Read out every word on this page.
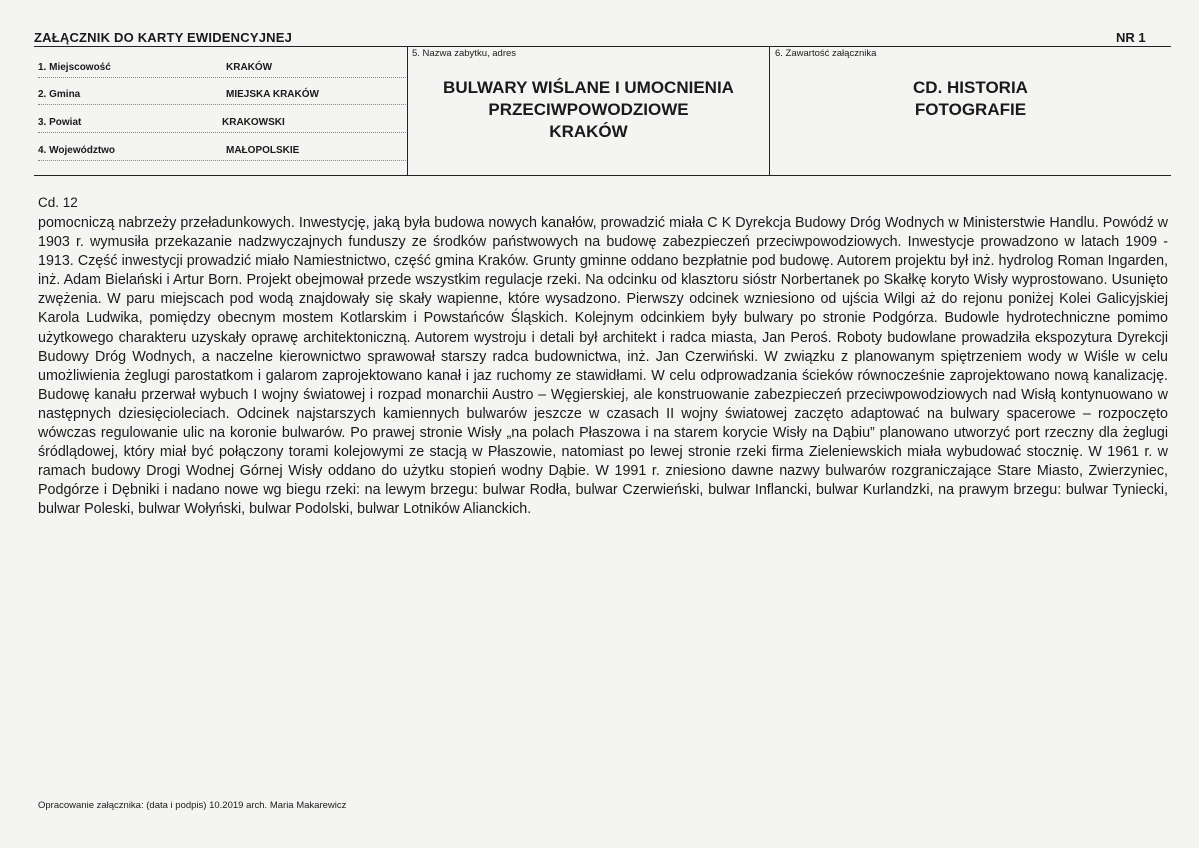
ZAŁĄCZNIK DO KARTY EWIDENCYJNEJ	NR 1
1. Miejscowość	KRAKÓW
2. Gmina	MIEJSKA KRAKÓW
3. Powiat	KRAKOWSKI
4. Województwo	MAŁOPOLSKIE
5. Nazwa zabytku, adres
BULWARY WIŚLANE I UMOCNIENIA
PRZECIWPOWODZIOWE
KRAKÓW
6. Zawartość załącznika
CD. HISTORIA
FOTOGRAFIE
Cd. 12
pomocniczą nabrzeży przeładunkowych. Inwestycję, jaką była budowa nowych kanałów, prowadzić miała C K Dyrekcja Budowy Dróg Wodnych w Ministerstwie Handlu. Powódź w 1903 r. wymusiła przekazanie nadzwyczajnych funduszy ze środków państwowych na budowę zabezpieczeń przeciwpowodziowych. Inwestycje prowadzono w latach 1909 - 1913. Część inwestycji prowadzić miało Namiestnictwo, część gmina Kraków. Grunty gminne oddano bezpłatnie pod budowę. Autorem projektu był inż. hydrolog Roman Ingarden, inż. Adam Bielański i Artur Born. Projekt obejmował przede wszystkim regulacje rzeki. Na odcinku od klasztoru sióstr Norbertanek po Skałkę koryto Wisły wyprostowano. Usunięto zwężenia. W paru miejscach pod wodą znajdowały się skały wapienne, które wysadzono. Pierwszy odcinek wzniesiono od ujścia Wilgi aż do rejonu poniżej Kolei Galicyjskiej Karola Ludwika, pomiędzy obecnym mostem Kotlarskim i Powstańców Śląskich. Kolejnym odcinkiem były bulwary po stronie Podgórza. Budowle hydrotechniczne pomimo użytkowego charakteru uzyskały oprawę architektoniczną. Autorem wystroju i detali był architekt i radca miasta, Jan Peroś. Roboty budowlane prowadziła ekspozytura Dyrekcji Budowy Dróg Wodnych, a naczelne kierownictwo sprawował starszy radca budownictwa, inż. Jan Czerwiński. W związku z planowanym spiętrzeniem wody w Wiśle w celu umożliwienia żeglugi parostatkom i galarom zaprojektowano kanał i jaz ruchomy ze stawidłami. W celu odprowadzania ścieków równocześnie zaprojektowano nową kanalizację. Budowę kanału przerwał wybuch I wojny światowej i rozpad monarchii Austro – Węgierskiej, ale konstruowanie zabezpieczeń przeciwpowodziowych nad Wisłą kontynuowano w następnych dziesięcioleciach. Odcinek najstarszych kamiennych bulwarów jeszcze w czasach II wojny światowej zaczęto adaptować na bulwary spacerowe – rozpoczęto wówczas regulowanie ulic na koronie bulwarów. Po prawej stronie Wisły „na polach Płaszowa i na starem korycie Wisły na Dąbiu” planowano utworzyć port rzeczny dla żeglugi śródlądowej, który miał być połączony torami kolejowymi ze stacją w Płaszowie, natomiast po lewej stronie rzeki firma Zieleniewskich miała wybudować stocznię. W 1961 r. w ramach budowy Drogi Wodnej Górnej Wisły oddano do użytku stopień wodny Dąbie. W 1991 r. zniesiono dawne nazwy bulwarów rozgraniczające Stare Miasto, Zwierzyniec, Podgórze i Dębniki i nadano nowe wg biegu rzeki: na lewym brzegu: bulwar Rodła, bulwar Czerwieński, bulwar Inflancki, bulwar Kurlandzki, na prawym brzegu: bulwar Tyniecki, bulwar Poleski, bulwar Wołyński, bulwar Podolski, bulwar Lotników Alianckich.
Opracowanie załącznika: (data i podpis) 10.2019 arch. Maria Makarewicz
